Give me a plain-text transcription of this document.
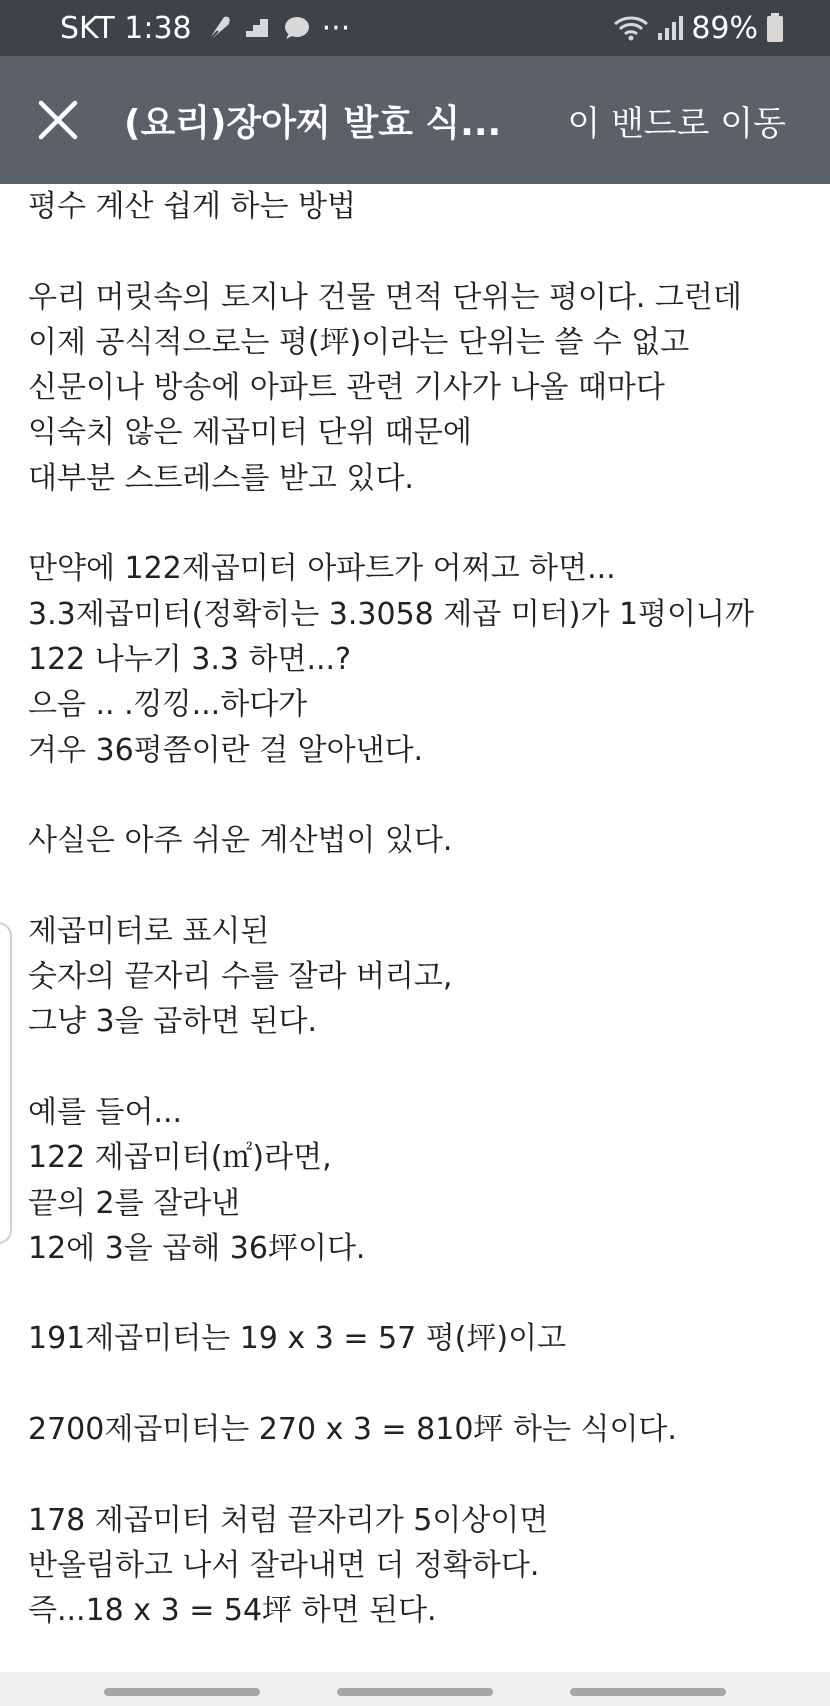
SKT 1:38	···	89%
(요리)장아찌 발효 식...	이 밴드로 이동
평수 계산 쉽게 하는 방법
우리 머릿속의 토지나 건물 면적 단위는 평이다. 그런데
이제 공식적으로는 평(坪)이라는 단위는 쓸 수 없고
신문이나 방송에 아파트 관련 기사가 나올 때마다
익숙치 않은 제곱미터 단위 때문에
대부분 스트레스를 받고 있다.
만약에 122제곱미터 아파트가 어쩌고 하면...
3.3제곱미터(정확히는 3.3058 제곱 미터)가 1평이니까
122 나누기 3.3 하면...?
으음 .. .낑낑...하다가
겨우 36평쯤이란 걸 알아낸다.
사실은 아주 쉬운 계산법이 있다.
제곱미터로 표시된
숫자의 끝자리 수를 잘라 버리고,
그냥 3을 곱하면 된다.
예를 들어...
122 제곱미터(㎡)라면,
끝의 2를 잘라낸
12에 3을 곱해 36坪이다.
191제곱미터는 19 x 3 = 57 평(坪)이고
2700제곱미터는 270 x 3 = 810坪 하는 식이다.
178 제곱미터 처럼 끝자리가 5이상이면
반올림하고 나서 잘라내면 더 정확하다.
즉...18 x 3 = 54坪 하면 된다.
